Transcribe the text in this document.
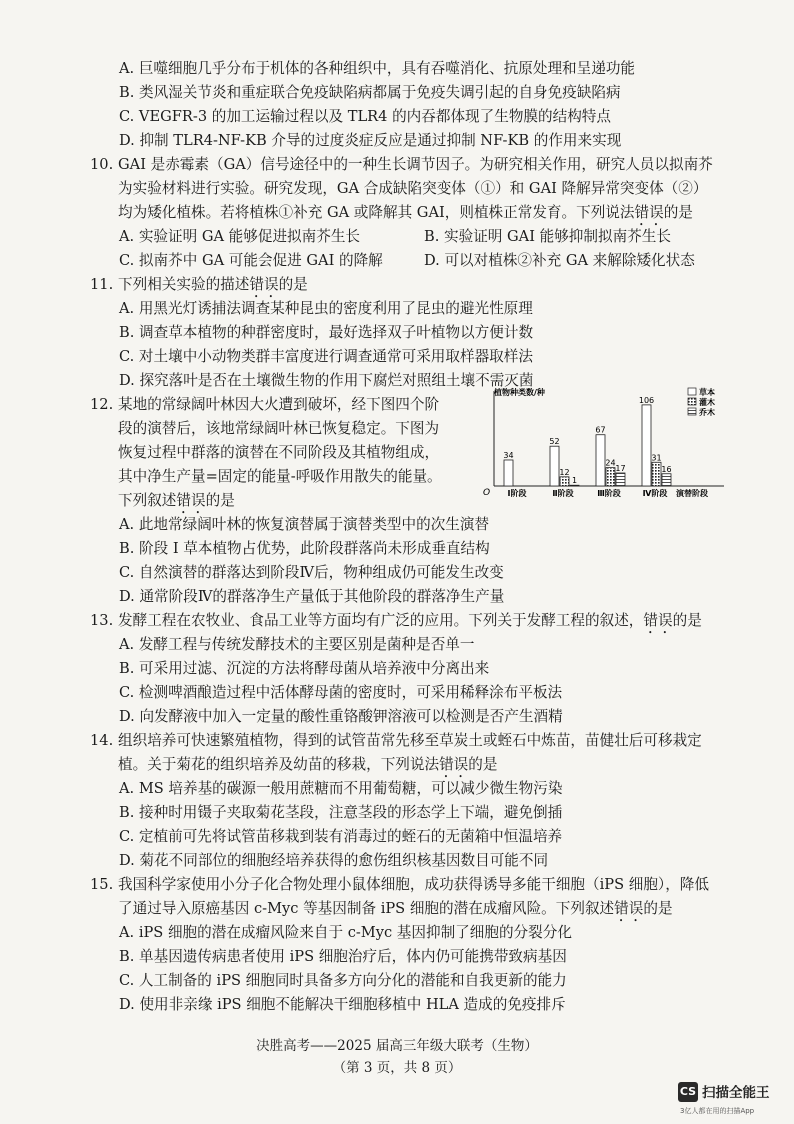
A. 巨噬细胞几乎分布于机体的各种组织中，具有吞噬消化、抗原处理和呈递功能
B. 类风湿关节炎和重症联合免疫缺陷病都属于免疫失调引起的自身免疫缺陷病
C. VEGFR-3 的加工运输过程以及 TLR4 的内吞都体现了生物膜的结构特点
D. 抑制 TLR4-NF-KB 介导的过度炎症反应是通过抑制 NF-KB 的作用来实现
10. GAI 是赤霉素（GA）信号途径中的一种生长调节因子。为研究相关作用，研究人员以拟南芥
为实验材料进行实验。研究发现，GA 合成缺陷突变体（①）和 GAI 降解异常突变体（②）
均为矮化植株。若将植株①补充 GA 或降解其 GAI，则植株正常发育。下列说法错误的是
A. 实验证明 GA 能够促进拟南芥生长	B. 实验证明 GAI 能够抑制拟南芥生长
C. 拟南芥中 GA 可能会促进 GAI 的降解	D. 可以对植株②补充 GA 来解除矮化状态
11. 下列相关实验的描述错误的是
A. 用黑光灯诱捕法调查某种昆虫的密度利用了昆虫的避光性原理
B. 调查草本植物的种群密度时，最好选择双子叶植物以方便计数
C. 对土壤中小动物类群丰富度进行调查通常可采用取样器取样法
D. 探究落叶是否在土壤微生物的作用下腐烂对照组土壤不需灭菌
12. 某地的常绿阔叶林因大火遭到破坏，经下图四个阶
段的演替后，该地常绿阔叶林已恢复稳定。下图为
恢复过程中群落的演替在不同阶段及其植物组成，
其中净生产量=固定的能量-呼吸作用散失的能量。
下列叙述错误的是
A. 此地常绿阔叶林的恢复演替属于演替类型中的次生演替
B. 阶段 I 草本植物占优势，此阶段群落尚未形成垂直结构
C. 自然演替的群落达到阶段Ⅳ后，物种组成仍可能发生改变
D. 通常阶段Ⅳ的群落净生产量低于其他阶段的群落净生产量
植物种类数/种
O	演替阶段
34
Ⅰ阶段
52
12
1
Ⅱ阶段
67
24
17
Ⅲ阶段
106
31
16
Ⅳ阶段
草本
灌木
乔木
13. 发酵工程在农牧业、食品工业等方面均有广泛的应用。下列关于发酵工程的叙述，错误的是
A. 发酵工程与传统发酵技术的主要区别是菌种是否单一
B. 可采用过滤、沉淀的方法将酵母菌从培养液中分离出来
C. 检测啤酒酿造过程中活体酵母菌的密度时，可采用稀释涂布平板法
D. 向发酵液中加入一定量的酸性重铬酸钾溶液可以检测是否产生酒精
14. 组织培养可快速繁殖植物，得到的试管苗常先移至草炭土或蛭石中炼苗，苗健壮后可移栽定
植。关于菊花的组织培养及幼苗的移栽，下列说法错误的是
A. MS 培养基的碳源一般用蔗糖而不用葡萄糖，可以减少微生物污染
B. 接种时用镊子夹取菊花茎段，注意茎段的形态学上下端，避免倒插
C. 定植前可先将试管苗移栽到装有消毒过的蛭石的无菌箱中恒温培养
D. 菊花不同部位的细胞经培养获得的愈伤组织核基因数目可能不同
15. 我国科学家使用小分子化合物处理小鼠体细胞，成功获得诱导多能干细胞（iPS 细胞），降低
了通过导入原癌基因 c-Myc 等基因制备 iPS 细胞的潜在成瘤风险。下列叙述错误的是
A. iPS 细胞的潜在成瘤风险来自于 c-Myc 基因抑制了细胞的分裂分化
B. 单基因遗传病患者使用 iPS 细胞治疗后，体内仍可能携带致病基因
C. 人工制备的 iPS 细胞同时具备多方向分化的潜能和自我更新的能力
D. 使用非亲缘 iPS 细胞不能解决干细胞移植中 HLA 造成的免疫排斥
决胜高考——2025 届高三年级大联考（生物）
（第 3 页，共 8 页）
CS 扫描全能王
3亿人都在用的扫描App
